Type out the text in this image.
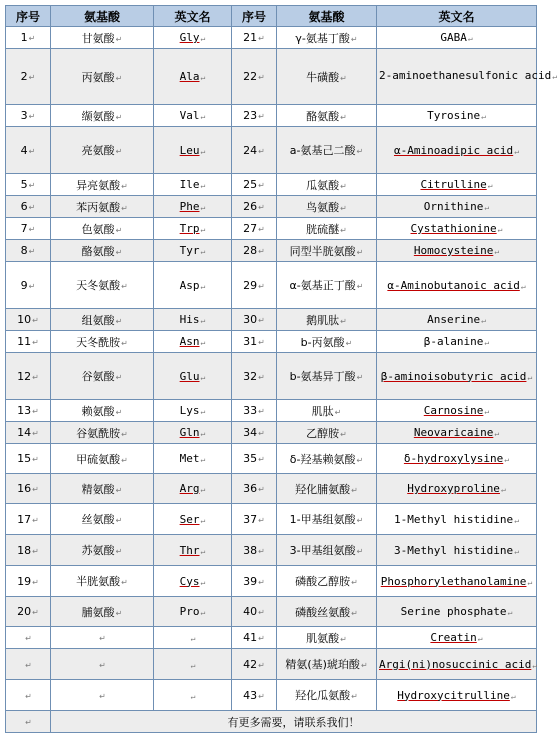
序号	氨基酸	英文名	序号	氨基酸	英文名
1↵	甘氨酸↵	Gly↵	21↵	γ-氨基丁酸↵	GABA↵
2↵	丙氨酸↵	Ala↵	22↵	牛磺酸↵	2-aminoethanesulfonic acid↵
3↵	缬氨酸↵	Val↵	23↵	酪氨酸↵	Tyrosine↵
4↵	亮氨酸↵	Leu↵	24↵	a-氨基己二酸↵	α-Aminoadipic acid↵
5↵	异亮氨酸↵	Ile↵	25↵	瓜氨酸↵	Citrulline↵
6↵	苯丙氨酸↵	Phe↵	26↵	鸟氨酸↵	Ornithine↵
7↵	色氨酸↵	Trp↵	27↵	胱硫醚↵	Cystathionine↵
8↵	酪氨酸↵	Tyr↵	28↵	同型半胱氨酸↵	Homocysteine↵
9↵	天冬氨酸↵	Asp↵	29↵	α-氨基正丁酸↵	α-Aminobutanoic acid↵
10↵	组氨酸↵	His↵	30↵	鹅肌肽↵	Anserine↵
11↵	天冬酰胺↵	Asn↵	31↵	b-丙氨酸↵	β-alanine↵
12↵	谷氨酸↵	Glu↵	32↵	b-氨基异丁酸↵	β-aminoisobutyric acid↵
13↵	赖氨酸↵	Lys↵	33↵	肌肽↵	Carnosine↵
14↵	谷氨酰胺↵	Gln↵	34↵	乙醇胺↵	Neovaricaine↵
15↵	甲硫氨酸↵	Met↵	35↵	δ-羟基赖氨酸↵	δ-hydroxylysine↵
16↵	精氨酸↵	Arg↵	36↵	羟化脯氨酸↵	Hydroxyproline↵
17↵	丝氨酸↵	Ser↵	37↵	1-甲基组氨酸↵	1-Methyl histidine↵
18↵	苏氨酸↵	Thr↵	38↵	3-甲基组氨酸↵	3-Methyl histidine↵
19↵	半胱氨酸↵	Cys↵	39↵	磷酸乙醇胺↵	Phosphorylethanolamine↵
20↵	脯氨酸↵	Pro↵	40↵	磷酸丝氨酸↵	Serine phosphate↵
↵	↵	↵	41↵	肌氨酸↵	Creatin↵
↵	↵	↵	42↵	精氨(基)琥珀酸↵	Argi(ni)nosuccinic acid↵
↵	↵	↵	43↵	羟化瓜氨酸↵	Hydroxycitrulline↵
↵	有更多需要，请联系我们！				
